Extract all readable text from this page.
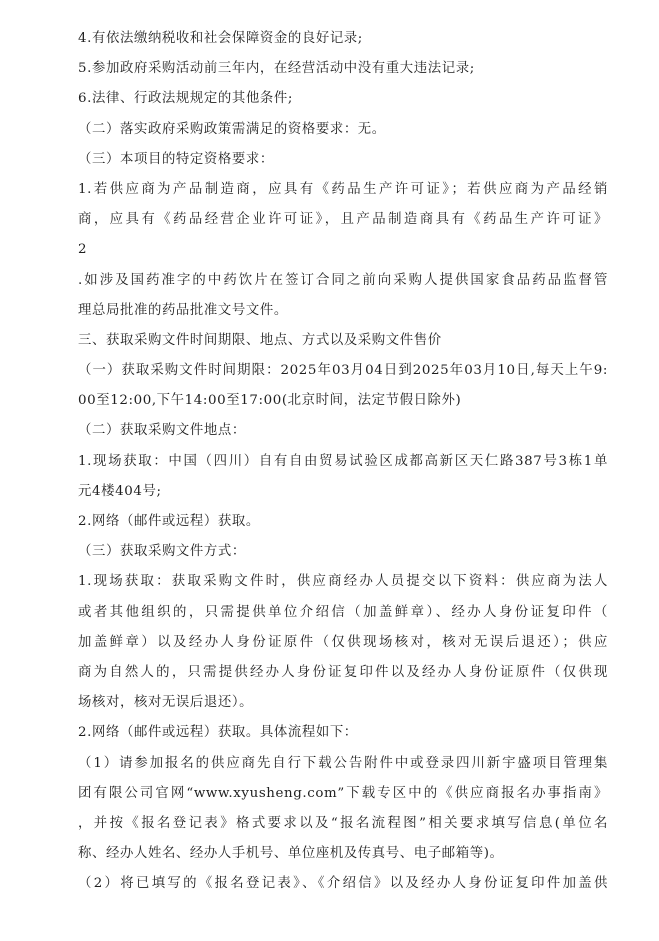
4.有依法缴纳税收和社会保障资金的良好记录;
5.参加政府采购活动前三年内，在经营活动中没有重大违法记录;
6.法律、行政法规规定的其他条件;
（二）落实政府采购政策需满足的资格要求：无。
（三）本项目的特定资格要求：
1.若供应商为产品制造商，应具有《药品生产许可证》；若供应商为产品经销
商，应具有《药品经营企业许可证》，且产品制造商具有《药品生产许可证》
2
.如涉及国药准字的中药饮片在签订合同之前向采购人提供国家食品药品监督管
理总局批准的药品批准文号文件。
三、获取采购文件时间期限、地点、方式以及采购文件售价
（一）获取采购文件时间期限：2025年03月04日到2025年03月10日,每天上午9:
00至12:00,下午14:00至17:00(北京时间，法定节假日除外)
（二）获取采购文件地点：
1.现场获取：中国（四川）自有自由贸易试验区成都高新区天仁路387号3栋1单
元4楼404号;
2.网络（邮件或远程）获取。
（三）获取采购文件方式：
1.现场获取：获取采购文件时，供应商经办人员提交以下资料：供应商为法人
或者其他组织的，只需提供单位介绍信（加盖鲜章）、经办人身份证复印件（
加盖鲜章）以及经办人身份证原件（仅供现场核对，核对无误后退还）；供应
商为自然人的，只需提供经办人身份证复印件以及经办人身份证原件（仅供现
场核对，核对无误后退还）。
2.网络（邮件或远程）获取。具体流程如下：
（1）请参加报名的供应商先自行下载公告附件中或登录四川新宇盛项目管理集
团有限公司官网“www.xyusheng.com”下载专区中的《供应商报名办事指南》
，并按《报名登记表》格式要求以及“报名流程图”相关要求填写信息(单位名
称、经办人姓名、经办人手机号、单位座机及传真号、电子邮箱等)。
（2）将已填写的《报名登记表》、《介绍信》以及经办人身份证复印件加盖供
